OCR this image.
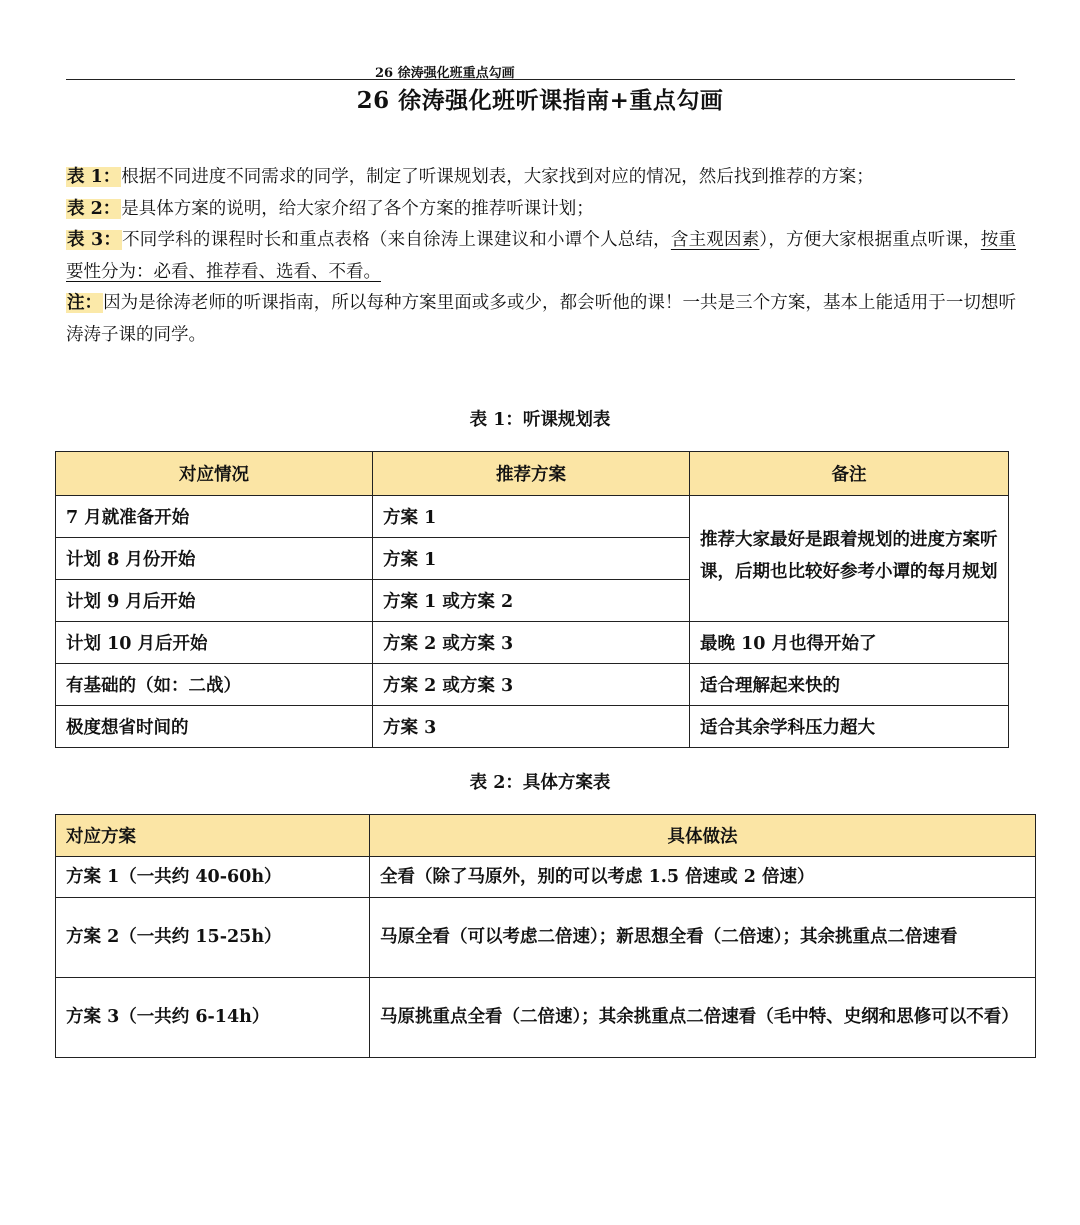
26 徐涛强化班重点勾画
26 徐涛强化班听课指南+重点勾画

表 1：根据不同进度不同需求的同学，制定了听课规划表，大家找到对应的情况，然后找到推荐的方案；

表 2：是具体方案的说明，给大家介绍了各个方案的推荐听课计划；

表 3：不同学科的课程时长和重点表格（来自徐涛上课建议和小谭个人总结，含主观因素），方便大家根据重点听课，按重要性分为：必看、推荐看、选看、不看。

注：因为是徐涛老师的听课指南，所以每种方案里面或多或少，都会听他的课！一共是三个方案，基本上能适用于一切想听涛涛子课的同学。

表 1：听课规划表
对应情况	推荐方案	备注
7 月就准备开始	方案 1	推荐大家最好是跟着规划的进度方案听课，后期也比较好参考小谭的每月规划
计划 8 月份开始	方案 1	
计划 9 月后开始	方案 1 或方案 2	
计划 10 月后开始	方案 2 或方案 3	最晚 10 月也得开始了
有基础的（如：二战）	方案 2 或方案 3	适合理解起来快的
极度想省时间的	方案 3	适合其余学科压力超大
表 2：具体方案表
对应方案	具体做法
方案 1（一共约 40-60h）	全看（除了马原外，别的可以考虑 1.5 倍速或 2 倍速）
方案 2（一共约 15-25h）	马原全看（可以考虑二倍速）；新思想全看（二倍速）；其余挑重点二倍速看
方案 3（一共约 6-14h）	马原挑重点全看（二倍速）；其余挑重点二倍速看（毛中特、史纲和思修可以不看）
